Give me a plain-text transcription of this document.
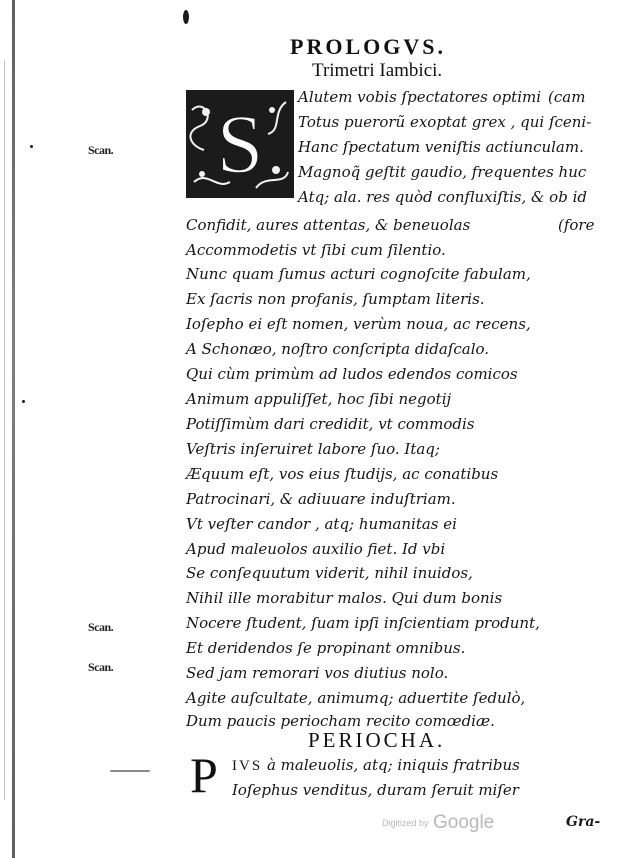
PROLOGVS.
Trimetri Iambici.
S
Alutem vobis ſpectatores optimi
Totus puerorũ exoptat grex , qui ſceni-
Hanc ſpectatum veniſtis actiunculam.
Magnoq̃ geſtit gaudio, frequentes huc
Atq; ala. res quòd confluxiſtis, & ob id
Confidit, aures attentas, & beneuolas
Accommodetis vt ſibi cum ſilentio.
Nunc quam ſumus acturi cognoſcite fabulam,
Ex ſacris non profanis, ſumptam literis.
Ioſepho ei eſt nomen, verùm noua, ac recens,
A Schonæo, noſtro conſcripta didaſcalo.
Qui cùm primùm ad ludos edendos comicos
Animum appuliſſet, hoc ſibi negotij
Potiſſimùm dari credidit, vt commodis
Veſtris inſeruiret labore ſuo. Itaq;
Æquum eſt, vos eius ſtudijs, ac conatibus
Patrocinari, & adiuuare induſtriam.
Vt veſter candor , atq; humanitas ei
Apud maleuolos auxilio fiet. Id vbi
Se conſequutum viderit, nihil inuidos,
Nihil ille morabitur malos. Qui dum bonis
Nocere ſtudent, ſuam ipſi inſcientiam produnt,
Et deridendos ſe propinant omnibus.
Sed jam remorari vos diutius nolo.
Agite auſcultate, animumq; aduertite ſedulò,
Dum paucis periocham recito comœdiæ.
(cam
(fore
Scan.
Scan.
Scan.
PERIOCHA.
P IVS à maleuolis, atq; iniquis fratribus
Ioſephus venditus, duram ſeruit miſer
Digitized by Google	Gra-
